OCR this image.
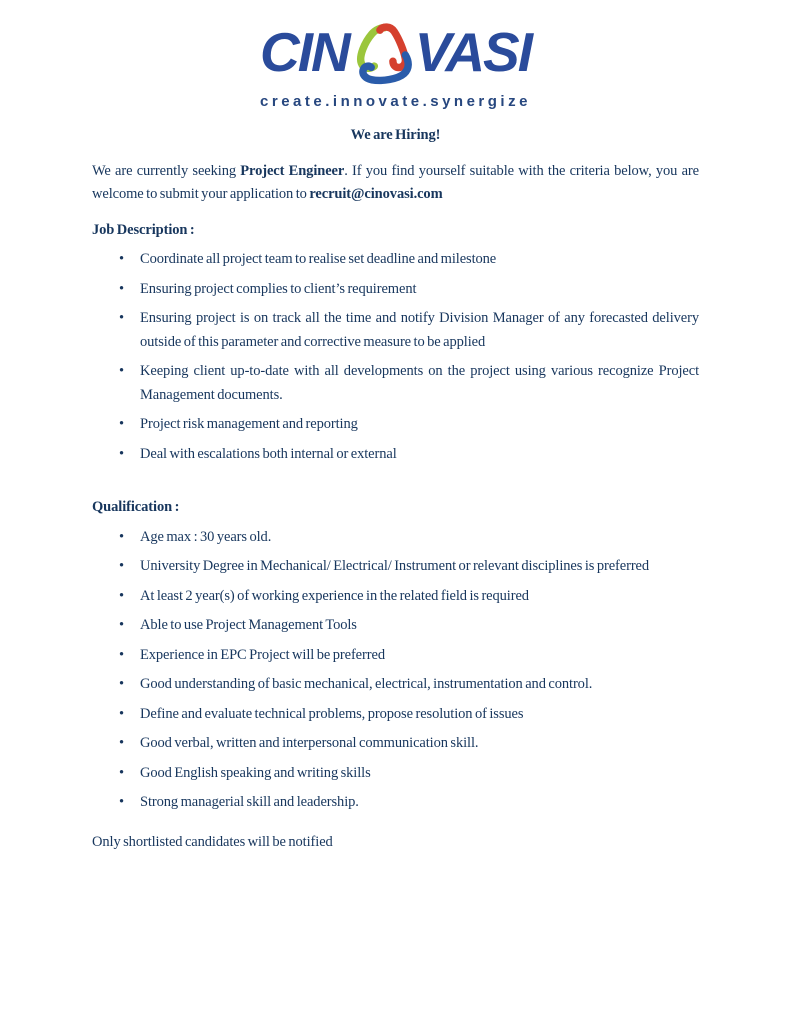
CIN VASI
create.innovate.synergize

We are Hiring!

We are currently seeking Project Engineer. If you find yourself suitable with the criteria below, you are welcome to submit your application to recruit@cinovasi.com

Job Description :

• Coordinate all project team to realise set deadline and milestone
• Ensuring project complies to client’s requirement
• Ensuring project is on track all the time and notify Division Manager of any forecasted delivery outside of this parameter and corrective measure to be applied
• Keeping client up-to-date with all developments on the project using various recognize Project Management documents.
• Project risk management and reporting
• Deal with escalations both internal or external

Qualification :

• Age max : 30 years old.
• University Degree in Mechanical/ Electrical/ Instrument or relevant disciplines is preferred
• At least 2 year(s) of working experience in the related field is required
• Able to use Project Management Tools
• Experience in EPC Project will be preferred
• Good understanding of basic mechanical, electrical, instrumentation and control.
• Define and evaluate technical problems, propose resolution of issues
• Good verbal, written and interpersonal communication skill.
• Good English speaking and writing skills
• Strong managerial skill and leadership.

Only shortlisted candidates will be notified
